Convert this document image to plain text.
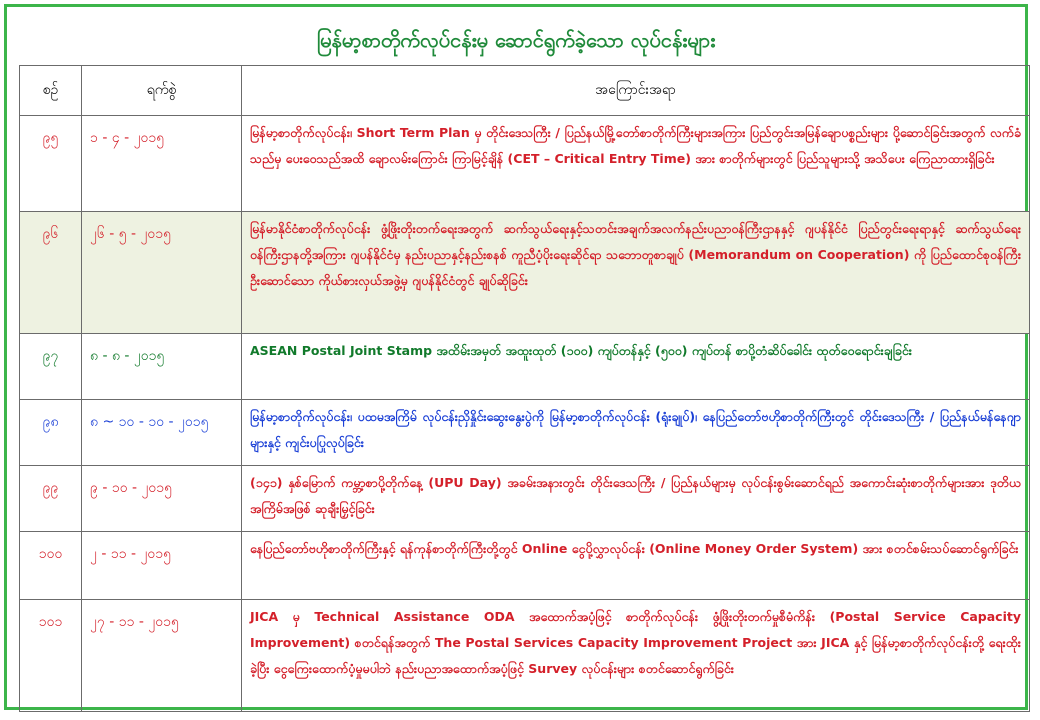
မြန်မာ့စာတိုက်လုပ်ငန်းမှ ဆောင်ရွက်ခဲ့သော လုပ်ငန်းများ
စဉ်	ရက်စွဲ	အကြောင်းအရာ
၉၅	၁ - ၄ - ၂၀၁၅	မြန်မာ့စာတိုက်လုပ်ငန်း၊ Short Term Plan မှ တိုင်းဒေသကြီး / ပြည်နယ်မြို့တော်စာတိုက်ကြီးများအကြား ပြည်တွင်းအမြန်ချောပစ္စည်းများ ပို့ဆောင်ခြင်းအတွက် လက်ခံသည်မှ ပေးဝေသည်အထိ ချောလမ်းကြောင်း ကြာမြင့်ချိန် (CET – Critical Entry Time) အား စာတိုက်များတွင် ပြည်သူများသို့ အသိပေး ကြေညာထားရှိခြင်း
၉၆	၂၆ - ၅ - ၂၀၁၅	မြန်မာနိုင်ငံစာတိုက်လုပ်ငန်း ဖွံ့ဖြိုးတိုးတက်ရေးအတွက် ဆက်သွယ်ရေးနှင့်သတင်းအချက်အလက်နည်းပညာဝန်ကြီးဌာနနှင့် ဂျပန်နိုင်ငံ ပြည်တွင်းရေးရာနှင့် ဆက်သွယ်ရေးဝန်ကြီးဌာနတို့အကြား ဂျပန်နိုင်ငံမှ နည်းပညာနှင့်နည်းစနစ် ကူညီပံ့ပိုးရေးဆိုင်ရာ သဘောတူစာချုပ် (Memorandum on Cooperation) ကို ပြည်ထောင်စုဝန်ကြီး ဦးဆောင်သော ကိုယ်စားလှယ်အဖွဲ့မှ ဂျပန်နိုင်ငံတွင် ချုပ်ဆိုခြင်း
၉၇	၈ - ၈ - ၂၀၁၅	ASEAN Postal Joint Stamp အထိမ်းအမှတ် အထူးထုတ် (၁၀၀) ကျပ်တန်နှင့် (၅၀၀) ကျပ်တန် စာပို့တံဆိပ်ခေါင်း ထုတ်ဝေရောင်းချခြင်း
၉၈	၈ ~ ၁၀ - ၁၀ - ၂၀၁၅	မြန်မာ့စာတိုက်လုပ်ငန်း၊ ပထမအကြိမ် လုပ်ငန်းညှိနှိုင်းဆွေးနွေးပွဲကို မြန်မာ့စာတိုက်လုပ်ငန်း (ရုံးချုပ်)၊ နေပြည်တော်ဗဟိုစာတိုက်ကြီးတွင် တိုင်းဒေသကြီး / ပြည်နယ်မန်နေဂျာများနှင့် ကျင်းပပြုလုပ်ခြင်း
၉၉	၉ - ၁၀ - ၂၀၁၅	(၁၄၁) နှစ်မြောက် ကမ္ဘာ့စာပို့တိုက်နေ့ (UPU Day) အခမ်းအနားတွင်း တိုင်းဒေသကြီး / ပြည်နယ်များမှ လုပ်ငန်းစွမ်းဆောင်ရည် အကောင်းဆုံးစာတိုက်များအား ဒုတိယအကြိမ်အဖြစ် ဆုချီးမြှင့်ခြင်း
၁၀၀	၂ - ၁၁ - ၂၀၁၅	နေပြည်တော်ဗဟိုစာတိုက်ကြီးနှင့် ရန်ကုန်စာတိုက်ကြီးတို့တွင် Online ငွေပို့လွှာလုပ်ငန်း (Online Money Order System) အား စတင်စမ်းသပ်ဆောင်ရွက်ခြင်း
၁၀၁	၂၇ - ၁၁ - ၂၀၁၅	JICA မှ Technical Assistance ODA အထောက်အပံ့ဖြင့် စာတိုက်လုပ်ငန်း ဖွံ့ဖြိုးတိုးတက်မှုစီမံကိန်း (Postal Service Capacity Improvement) စတင်ရန်အတွက် The Postal Services Capacity Improvement Project အား JICA နှင့် မြန်မာ့စာတိုက်လုပ်ငန်းတို့ ရေးထိုးခဲ့ပြီး ငွေကြေးထောက်ပံ့မှုမပါဘဲ နည်းပညာအထောက်အပံ့ဖြင့် Survey လုပ်ငန်းများ စတင်ဆောင်ရွက်ခြင်း
